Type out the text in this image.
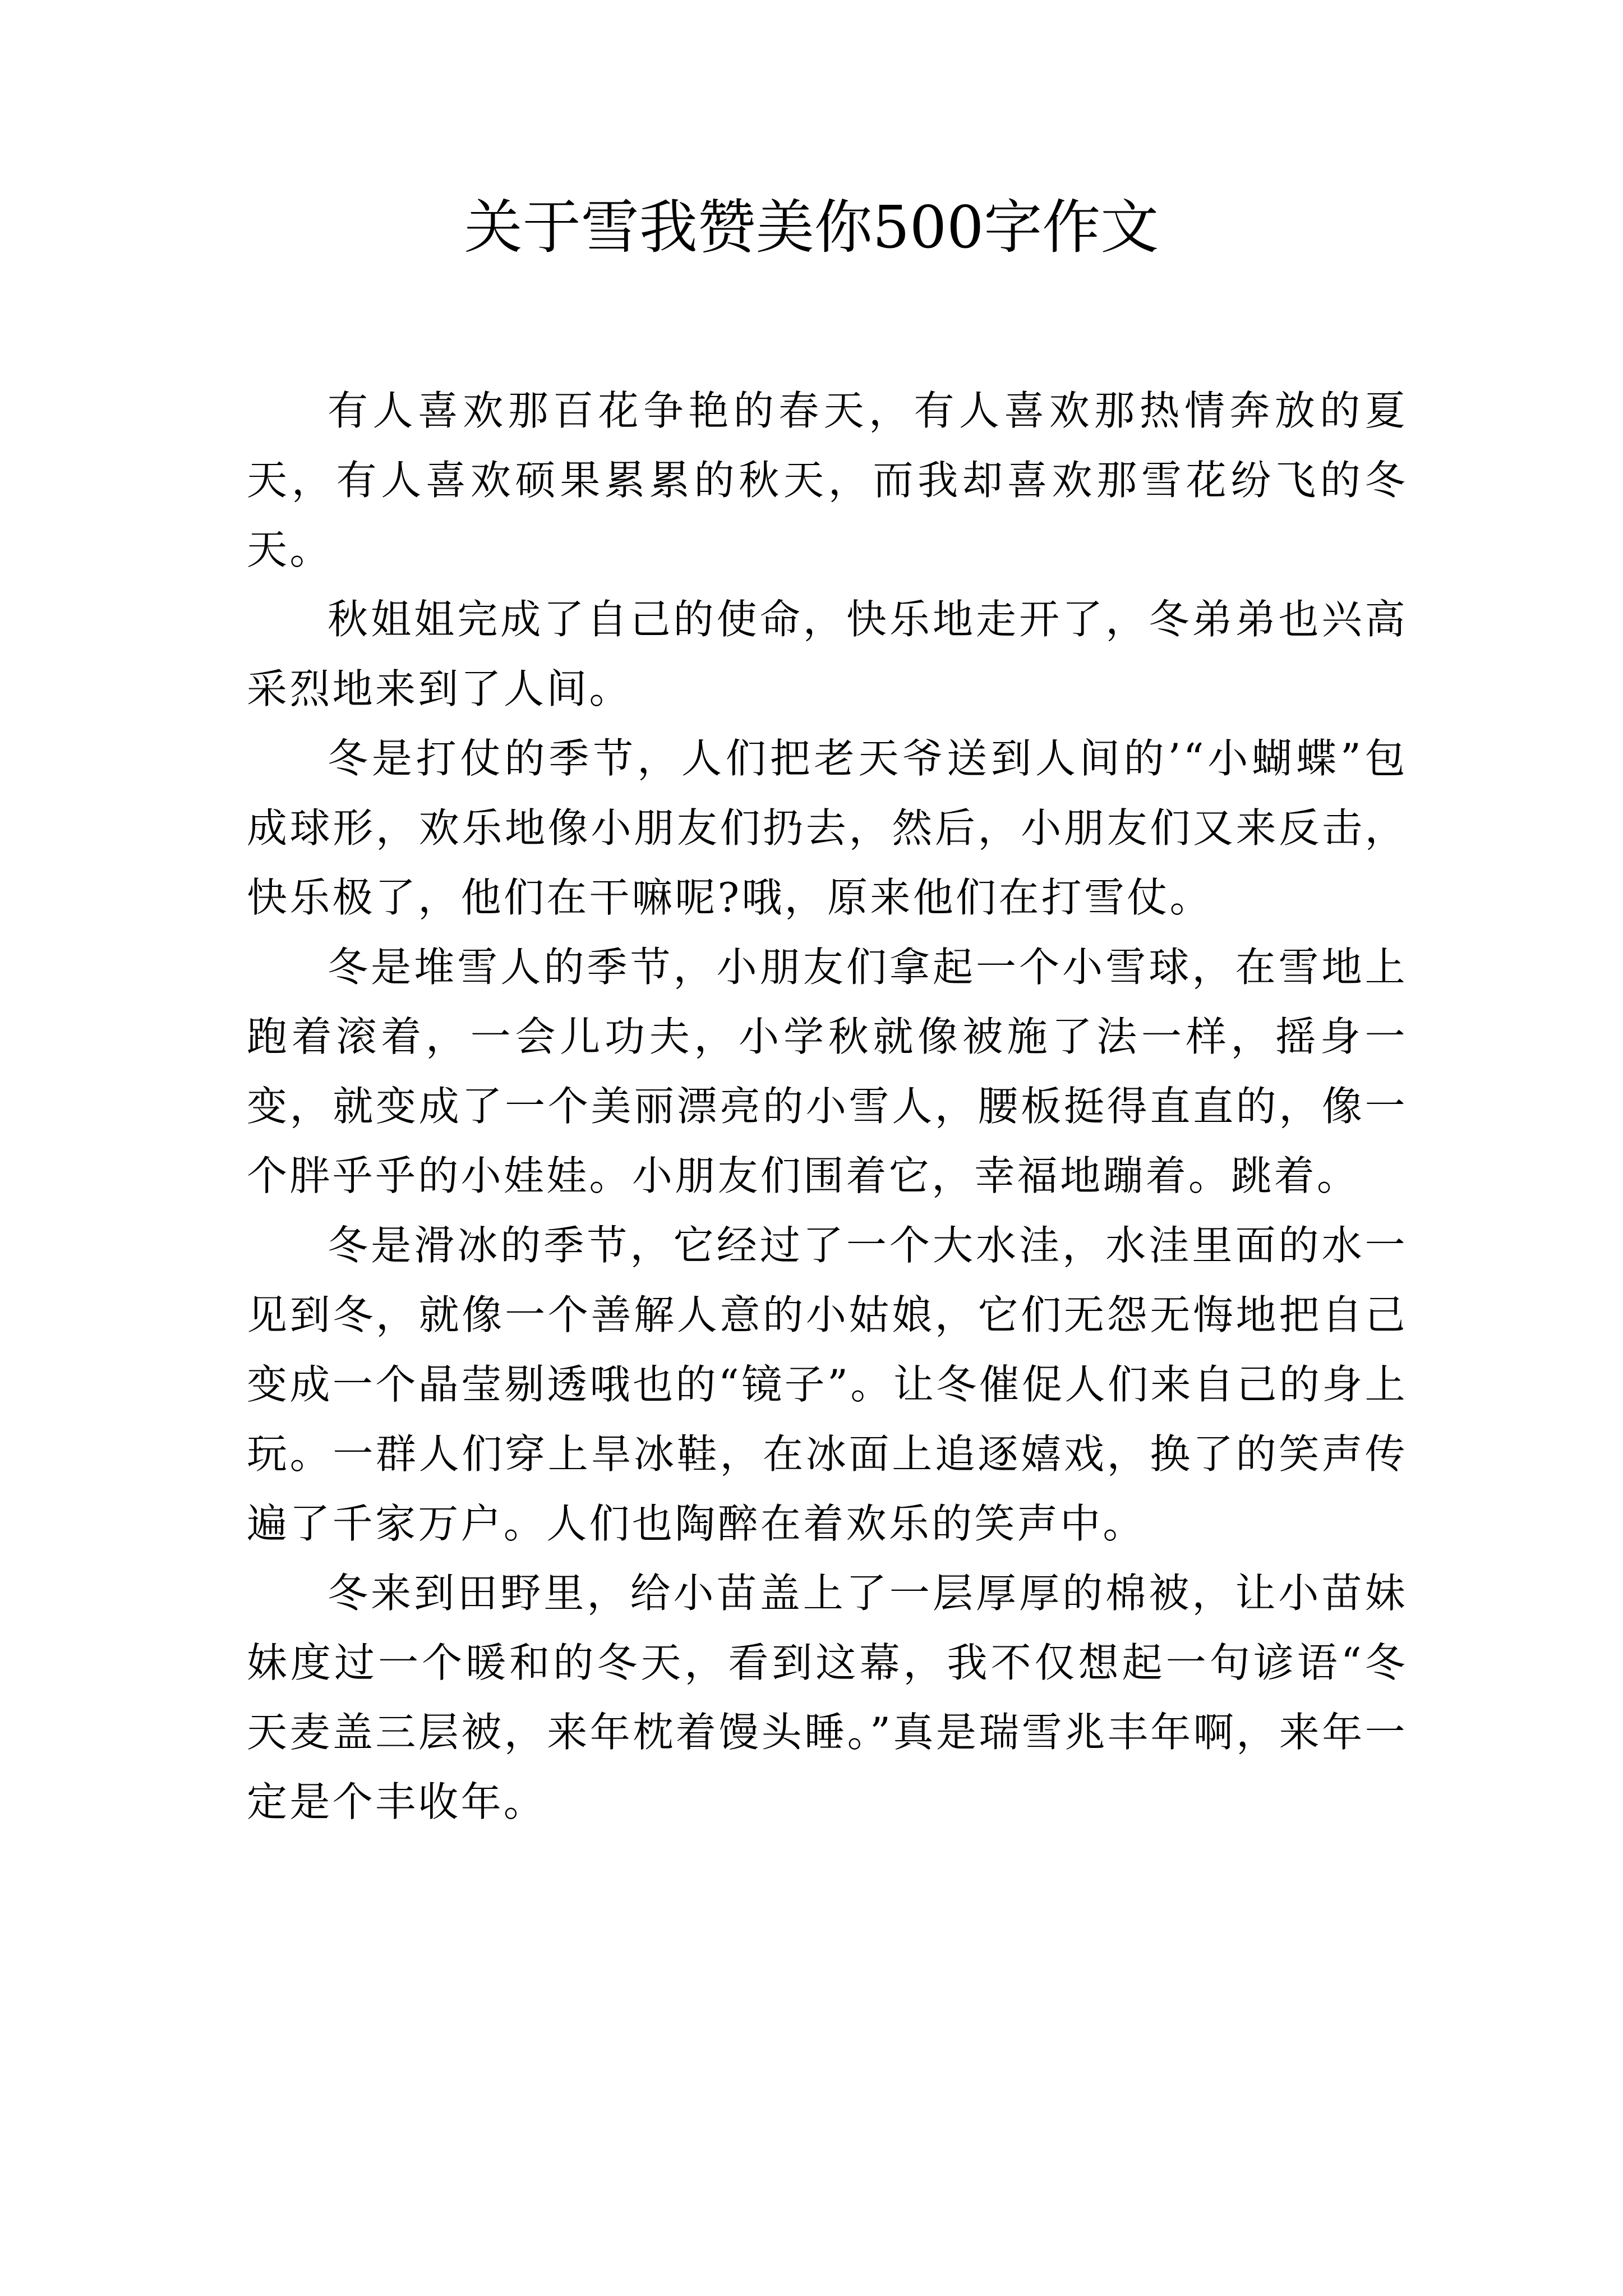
关于雪我赞美你500字作文

有人喜欢那百花争艳的春天，有人喜欢那热情奔放的夏天，有人喜欢硕果累累的秋天，而我却喜欢那雪花纷飞的冬天。

秋姐姐完成了自己的使命，快乐地走开了，冬弟弟也兴高采烈地来到了人间。

冬是打仗的季节，人们把老天爷送到人间的’“小蝴蝶”包成球形，欢乐地像小朋友们扔去，然后，小朋友们又来反击，快乐极了，他们在干嘛呢?哦，原来他们在打雪仗。

冬是堆雪人的季节，小朋友们拿起一个小雪球，在雪地上跑着滚着，一会儿功夫，小学秋就像被施了法一样，摇身一变，就变成了一个美丽漂亮的小雪人，腰板挺得直直的，像一个胖乎乎的小娃娃。小朋友们围着它，幸福地蹦着。跳着。

冬是滑冰的季节，它经过了一个大水洼，水洼里面的水一见到冬，就像一个善解人意的小姑娘，它们无怨无悔地把自己变成一个晶莹剔透哦也的“镜子”。让冬催促人们来自己的身上玩。一群人们穿上旱冰鞋，在冰面上追逐嬉戏，换了的笑声传遍了千家万户。人们也陶醉在着欢乐的笑声中。

冬来到田野里，给小苗盖上了一层厚厚的棉被，让小苗妹妹度过一个暖和的冬天，看到这幕，我不仅想起一句谚语“冬天麦盖三层被，来年枕着馒头睡。”真是瑞雪兆丰年啊，来年一定是个丰收年。
